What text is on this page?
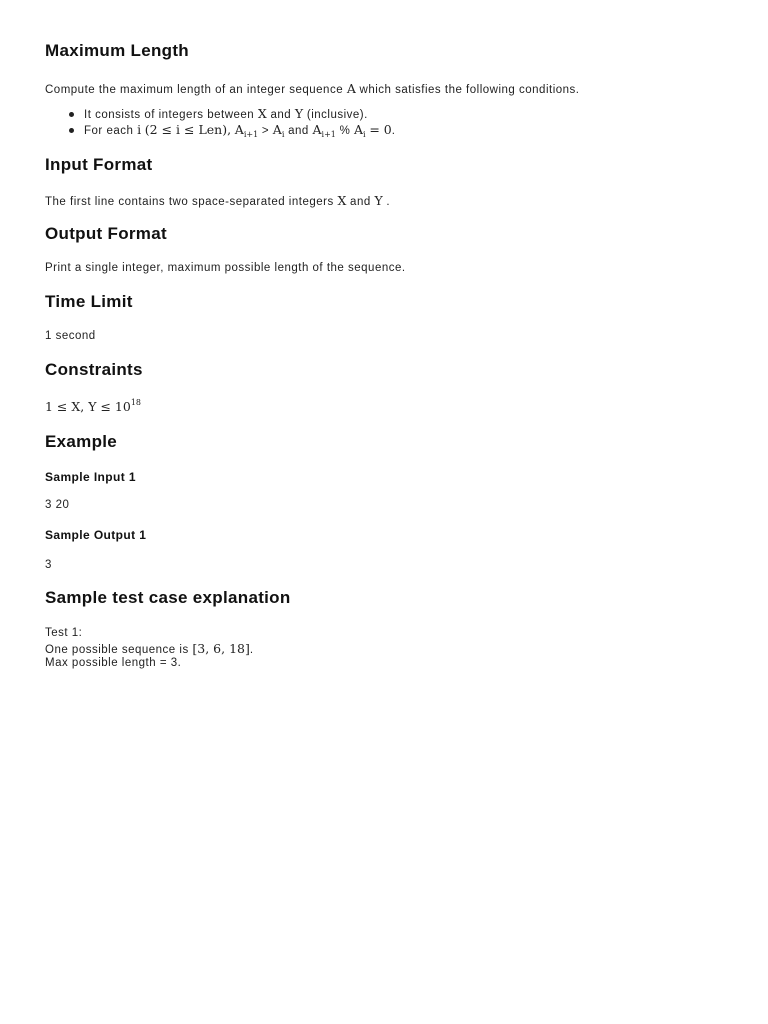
Maximum Length

Compute the maximum length of an integer sequence A which satisfies the following conditions.

It consists of integers between X and Y (inclusive).
For each i (2 ≤ i ≤ Len), $A_{i+1} > A_i$ and $A_{i+1}$ % $A_i = 0$.
Input Format

The first line contains two space-separated integers X and Y .

Output Format

Print a single integer, maximum possible length of the sequence.

Time Limit

1 second

Constraints

1 ≤ X, $Y \le 10^{18}$

Example

Sample Input 1

3 20

Sample Output 1

3

Sample test case explanation
Test 1:
One possible sequence is [3, 6, 18].
Max possible length = 3.
